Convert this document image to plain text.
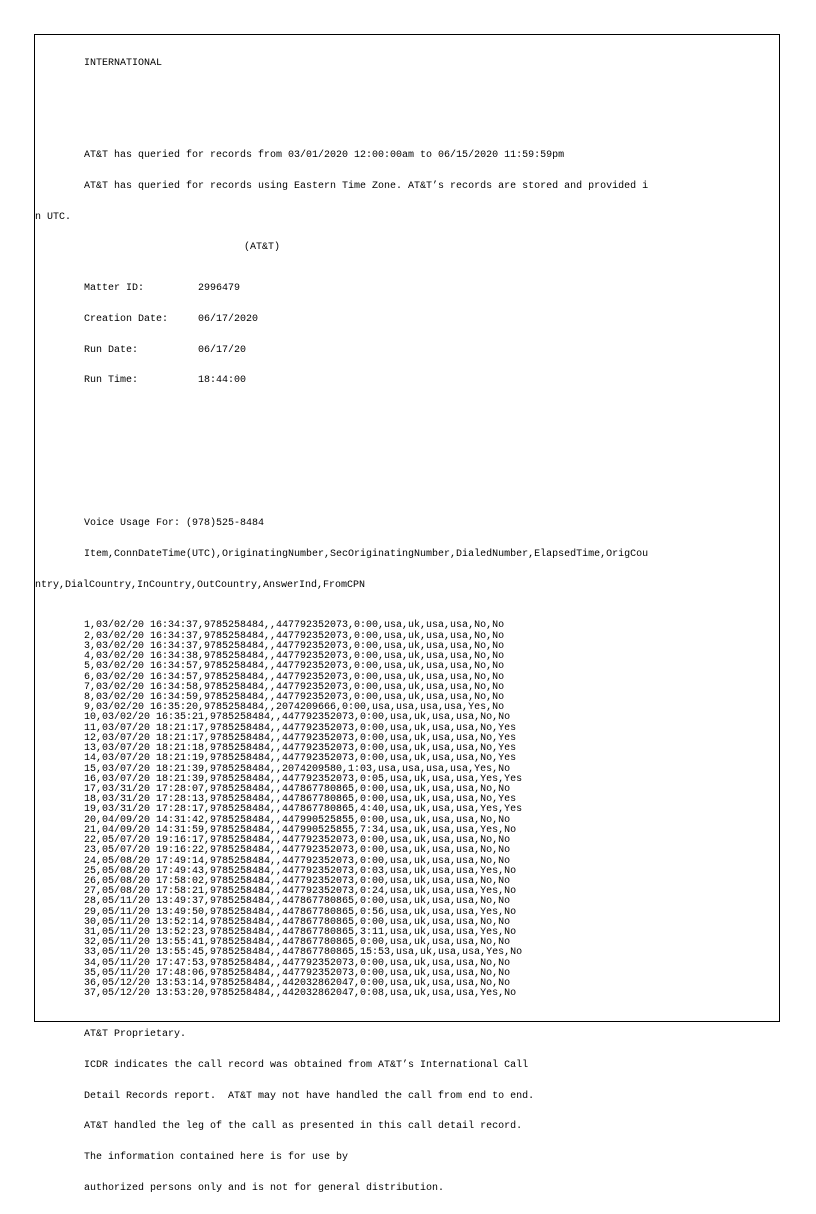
INTERNATIONAL

AT&T has queried for records from 03/01/2020 12:00:00am to 06/15/2020 11:59:59pm

AT&T has queried for records using Eastern Time Zone. AT&T’s records are stored and provided i

n UTC.

(AT&T)

Matter ID:	2996479

Creation Date:	06/17/2020

Run Date:	06/17/20

Run Time:	18:44:00

Voice Usage For: (978)525-8484

Item,ConnDateTime(UTC),OriginatingNumber,SecOriginatingNumber,DialedNumber,ElapsedTime,OrigCou

ntry,DialCountry,InCountry,OutCountry,AnswerInd,FromCPN

1,03/02/20 16:34:37,9785258484,,447792352073,0:00,usa,uk,usa,usa,No,No
2,03/02/20 16:34:37,9785258484,,447792352073,0:00,usa,uk,usa,usa,No,No
3,03/02/20 16:34:37,9785258484,,447792352073,0:00,usa,uk,usa,usa,No,No
4,03/02/20 16:34:38,9785258484,,447792352073,0:00,usa,uk,usa,usa,No,No
5,03/02/20 16:34:57,9785258484,,447792352073,0:00,usa,uk,usa,usa,No,No
6,03/02/20 16:34:57,9785258484,,447792352073,0:00,usa,uk,usa,usa,No,No
7,03/02/20 16:34:58,9785258484,,447792352073,0:00,usa,uk,usa,usa,No,No
8,03/02/20 16:34:59,9785258484,,447792352073,0:00,usa,uk,usa,usa,No,No
9,03/02/20 16:35:20,9785258484,,2074209666,0:00,usa,usa,usa,usa,Yes,No
10,03/02/20 16:35:21,9785258484,,447792352073,0:00,usa,uk,usa,usa,No,No
11,03/07/20 18:21:17,9785258484,,447792352073,0:00,usa,uk,usa,usa,No,Yes
12,03/07/20 18:21:17,9785258484,,447792352073,0:00,usa,uk,usa,usa,No,Yes
13,03/07/20 18:21:18,9785258484,,447792352073,0:00,usa,uk,usa,usa,No,Yes
14,03/07/20 18:21:19,9785258484,,447792352073,0:00,usa,uk,usa,usa,No,Yes
15,03/07/20 18:21:39,9785258484,,2074209580,1:03,usa,usa,usa,usa,Yes,No
16,03/07/20 18:21:39,9785258484,,447792352073,0:05,usa,uk,usa,usa,Yes,Yes
17,03/31/20 17:28:07,9785258484,,447867780865,0:00,usa,uk,usa,usa,No,No
18,03/31/20 17:28:13,9785258484,,447867780865,0:00,usa,uk,usa,usa,No,Yes
19,03/31/20 17:28:17,9785258484,,447867780865,4:40,usa,uk,usa,usa,Yes,Yes
20,04/09/20 14:31:42,9785258484,,447990525855,0:00,usa,uk,usa,usa,No,No
21,04/09/20 14:31:59,9785258484,,447990525855,7:34,usa,uk,usa,usa,Yes,No
22,05/07/20 19:16:17,9785258484,,447792352073,0:00,usa,uk,usa,usa,No,No
23,05/07/20 19:16:22,9785258484,,447792352073,0:00,usa,uk,usa,usa,No,No
24,05/08/20 17:49:14,9785258484,,447792352073,0:00,usa,uk,usa,usa,No,No
25,05/08/20 17:49:43,9785258484,,447792352073,0:03,usa,uk,usa,usa,Yes,No
26,05/08/20 17:58:02,9785258484,,447792352073,0:00,usa,uk,usa,usa,No,No
27,05/08/20 17:58:21,9785258484,,447792352073,0:24,usa,uk,usa,usa,Yes,No
28,05/11/20 13:49:37,9785258484,,447867780865,0:00,usa,uk,usa,usa,No,No
29,05/11/20 13:49:50,9785258484,,447867780865,0:56,usa,uk,usa,usa,Yes,No
30,05/11/20 13:52:14,9785258484,,447867780865,0:00,usa,uk,usa,usa,No,No
31,05/11/20 13:52:23,9785258484,,447867780865,3:11,usa,uk,usa,usa,Yes,No
32,05/11/20 13:55:41,9785258484,,447867780865,0:00,usa,uk,usa,usa,No,No
33,05/11/20 13:55:45,9785258484,,447867780865,15:53,usa,uk,usa,usa,Yes,No
34,05/11/20 17:47:53,9785258484,,447792352073,0:00,usa,uk,usa,usa,No,No
35,05/11/20 17:48:06,9785258484,,447792352073,0:00,usa,uk,usa,usa,No,No
36,05/12/20 13:53:14,9785258484,,442032862047,0:00,usa,uk,usa,usa,No,No
37,05/12/20 13:53:20,9785258484,,442032862047,0:08,usa,uk,usa,usa,Yes,No

AT&T Proprietary.

ICDR indicates the call record was obtained from AT&T’s International Call

Detail Records report.  AT&T may not have handled the call from end to end.

AT&T handled the leg of the call as presented in this call detail record.

The information contained here is for use by

authorized persons only and is not for general distribution.
